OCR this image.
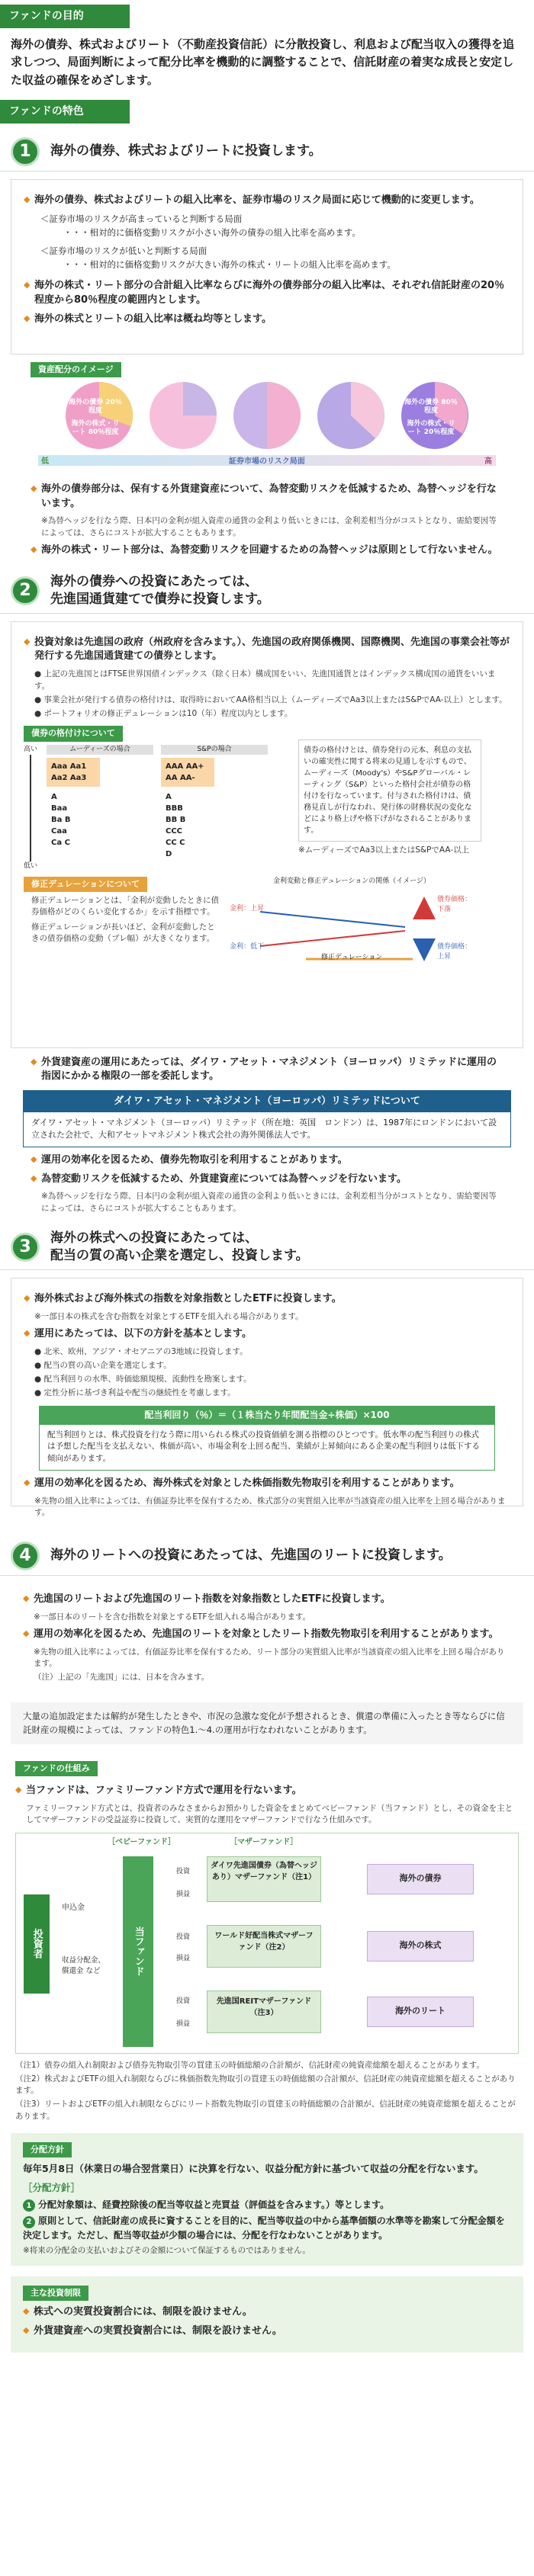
ファンドの目的
海外の債券、株式およびリート（不動産投資信託）に分散投資し、利息および配当収入の獲得を追求しつつ、局面判断によって配分比率を機動的に調整することで、信託財産の着実な成長と安定した収益の確保をめざします。
ファンドの特色
1	海外の債券、株式およびリートに投資します。
◆ 海外の債券、株式およびリートの組入比率を、証券市場のリスク局面に応じて機動的に変更します。
＜証券市場のリスクが高まっていると判断する局面
・・・相対的に価格変動リスクが小さい海外の債券の組入比率を高めます。
＜証券市場のリスクが低いと判断する局面
・・・相対的に価格変動リスクが大きい海外の株式・リートの組入比率を高めます。
◆ 海外の株式・リート部分の合計組入比率ならびに海外の債券部分の組入比率は、それぞれ信託財産の20％程度から80％程度の範囲内とします。
◆ 海外の株式とリートの組入比率は概ね均等とします。
資産配分のイメージ
海外の債券 20％程度
海外の株式・リート 80％程度
海外の債券 80％程度
海外の株式・リート 20％程度
低	証券市場のリスク局面	高
◆ 海外の債券部分は、保有する外貨建資産について、為替変動リスクを低減するため、為替ヘッジを行ないます。
※為替ヘッジを行なう際、日本円の金利が組入資産の通貨の金利より低いときには、金利差相当分がコストとなり、需給要因等によっては、さらにコストが拡大することもあります。
◆ 海外の株式・リート部分は、為替変動リスクを回避するための為替ヘッジは原則として行ないません。
2	海外の債券への投資にあたっては、
先進国通貨建てで債券に投資します。
◆ 投資対象は先進国の政府（州政府を含みます。）、先進国の政府関係機関、国際機関、先進国の事業会社等が発行する先進国通貨建ての債券とします。
● 上記の先進国とはFTSE世界国債インデックス（除く日本）構成国をいい、先進国通貨とはインデックス構成国の通貨をいいます。
● 事業会社が発行する債券の格付けは、取得時においてAA格相当以上（ムーディーズでAa3以上またはS&PでAA-以上）とします。
● ポートフォリオの修正デュレーションは10（年）程度以内とします。
債券の格付けについて
高い
低い
ムーディーズの場合
Aaa Aa1 Aa2 Aa3
A Baa Ba B Caa Ca C
S&Pの場合
AAA AA+ AA AA-
A BBB BB B CCC CC C D
債券の格付けとは、債券発行の元本、利息の支払いの確実性に関する将来の見通しを示すもので、ムーディーズ（Moody's）やS&Pグローバル・レーティング（S&P）といった格付会社が債券の格付けを行なっています。付与された格付けは、債務見直しが行なわれ、発行体の財務状況の変化などにより格上げや格下げがなされることがあります。
※ムーディーズでAa3以上またはS&PでAA-以上
修正デュレーションについて
修正デュレーションとは、「金利が変動したときに債券価格がどのくらい変化するか」を示す指標です。
修正デュレーションが長いほど、金利が変動したときの債券価格の変動（ブレ幅）が大きくなります。
金利変動と修正デュレーションの関係（イメージ）
金利：上昇
金利：低下
債券価格：下落
債券価格：上昇
修正デュレーション
◆ 外貨建資産の運用にあたっては、ダイワ・アセット・マネジメント（ヨーロッパ）リミテッドに運用の指図にかかる権限の一部を委託します。
ダイワ・アセット・マネジメント（ヨーロッパ）リミテッドについて
ダイワ・アセット・マネジメント（ヨーロッパ）リミテッド（所在地：英国　ロンドン）は、1987年にロンドンにおいて設立された会社で、大和アセットマネジメント株式会社の海外関係法人です。
◆ 運用の効率化を図るため、債券先物取引を利用することがあります。
◆ 為替変動リスクを低減するため、外貨建資産については為替ヘッジを行ないます。
※為替ヘッジを行なう際、日本円の金利が組入資産の通貨の金利より低いときには、金利差相当分がコストとなり、需給要因等によっては、さらにコストが拡大することもあります。
3	海外の株式への投資にあたっては、
配当の質の高い企業を選定し、投資します。
◆ 海外株式および海外株式の指数を対象指数としたETFに投資します。
※一部日本の株式を含む指数を対象とするETFを組入れる場合があります。
◆ 運用にあたっては、以下の方針を基本とします。
● 北米、欧州、アジア・オセアニアの3地域に投資します。
● 配当の質の高い企業を選定します。
● 配当利回りの水準、時価総額規模、流動性を勘案します。
● 定性分析に基づき利益や配当の継続性を考慮します。
配当利回り（％）＝（１株当たり年間配当金÷株価）×100
配当利回りとは、株式投資を行なう際に用いられる株式の投資価値を測る指標のひとつです。低水準の配当利回りの株式は予想した配当を支払えない、株価が高い、市場金利を上回る配当、業績が上昇傾向にある企業の配当利回りは低下する傾向があります。
◆ 運用の効率化を図るため、海外株式を対象とした株価指数先物取引を利用することがあります。
※先物の組入比率によっては、有価証券比率を保有するため、株式部分の実質組入比率が当該資産の組入比率を上回る場合があります。
4	海外のリートへの投資にあたっては、先進国のリートに投資します。
◆ 先進国のリートおよび先進国のリート指数を対象指数としたETFに投資します。
※一部日本のリートを含む指数を対象とするETFを組入れる場合があります。
◆ 運用の効率化を図るため、先進国のリートを対象としたリート指数先物取引を利用することがあります。
※先物の組入比率によっては、有価証券比率を保有するため、リート部分の実質組入比率が当該資産の組入比率を上回る場合があります。
（注）上記の「先進国」には、日本を含みます。
大量の追加設定または解約が発生したときや、市況の急激な変化が予想されるとき、償還の準備に入ったとき等ならびに信託財産の規模によっては、ファンドの特色1.〜4.の運用が行なわれないことがあります。
ファンドの仕組み
◆ 当ファンドは、ファミリーファンド方式で運用を行ないます。
ファミリーファンド方式とは、投資者のみなさまからお預かりした資金をまとめてベビーファンド（当ファンド）とし、その資金を主としてマザーファンドの受益証券に投資して、実質的な運用をマザーファンドで行なう仕組みです。
［ベビーファンド］	［マザーファンド］
投資者
申込金
収益分配金、償還金 など	当ファンド
投資
損益
ダイワ先進国債券（為替ヘッジあり）マザーファンド（注1）	海外の債券
投資
損益
ワールド好配当株式マザーファンド（注2）	海外の株式
投資
損益
先進国REITマザーファンド（注3）	海外のリート
（注1）債券の組入れ制限および債券先物取引等の買建玉の時価総額の合計額が、信託財産の純資産総額を超えることがあります。
（注2）株式およびETFの組入れ制限ならびに株価指数先物取引の買建玉の時価総額の合計額が、信託財産の純資産総額を超えることがあります。
（注3）リートおよびETFの組入れ制限ならびにリート指数先物取引の買建玉の時価総額の合計額が、信託財産の純資産総額を超えることがあります。
分配方針
毎年5月8日（休業日の場合翌営業日）に決算を行ない、収益分配方針に基づいて収益の分配を行ないます。
［分配方針］
1 分配対象額は、経費控除後の配当等収益と売買益（評価益を含みます。）等とします。
2 原則として、信託財産の成長に資することを目的に、配当等収益の中から基準価額の水準等を勘案して分配金額を決定します。ただし、配当等収益が少額の場合には、分配を行なわないことがあります。
※将来の分配金の支払いおよびその金額について保証するものではありません。
主な投資制限
◆ 株式への実質投資割合には、制限を設けません。
◆ 外貨建資産への実質投資割合には、制限を設けません。
